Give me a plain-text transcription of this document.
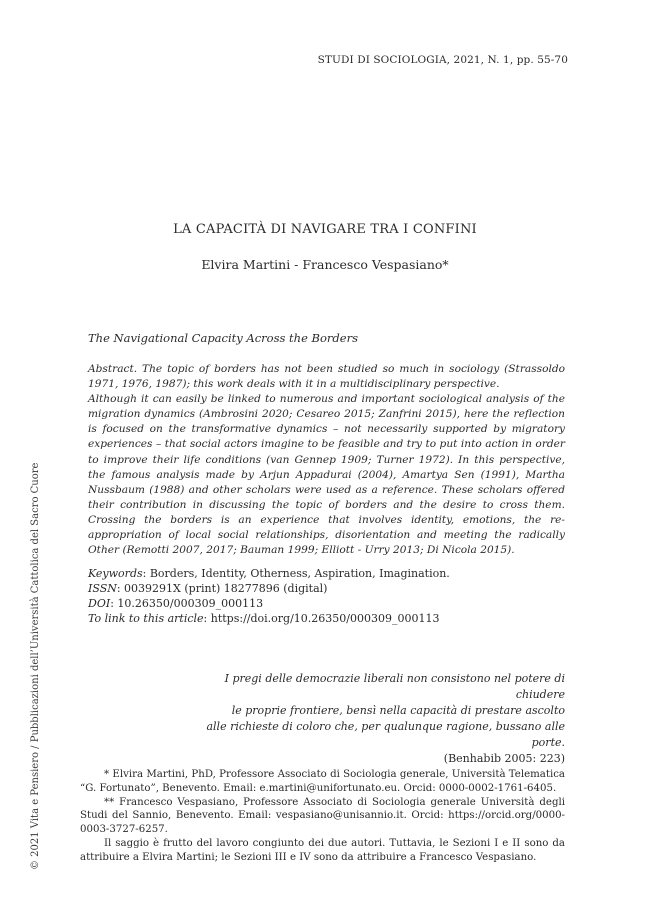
STUDI DI SOCIOLOGIA, 2021, N. 1, pp. 55-70
LA CAPACITÀ DI NAVIGARE TRA I CONFINI
Elvira Martini - Francesco Vespasiano*
The Navigational Capacity Across the Borders

Abstract. The topic of borders has not been studied so much in sociology (Strassoldo 1971, 1976, 1987); this work deals with it in a multidisciplinary perspective.

Although it can easily be linked to numerous and important sociological analysis of the migration dynamics (Ambrosini 2020; Cesareo 2015; Zanfrini 2015), here the reflection is focused on the transformative dynamics – not necessarily supported by migratory experiences – that social actors imagine to be feasible and try to put into action in order to improve their life conditions (van Gennep 1909; Turner 1972). In this perspective, the famous analysis made by Arjun Appadurai (2004), Amartya Sen (1991), Martha Nussbaum (1988) and other scholars were used as a reference. These scholars offered their contribution in discussing the topic of borders and the desire to cross them. Crossing the borders is an experience that involves identity, emotions, the re-appropriation of local social relationships, disorientation and meeting the radically Other (Remotti 2007, 2017; Bauman 1999; Elliott - Urry 2013; Di Nicola 2015).

Keywords: Borders, Identity, Otherness, Aspiration, Imagination.
ISSN: 0039291X (print) 18277896 (digital)
DOI: 10.26350/000309_000113
To link to this article: https://doi.org/10.26350/000309_000113
I pregi delle democrazie liberali non consistono nel potere di chiudere
le proprie frontiere, bensì nella capacità di prestare ascolto
alle richieste di coloro che, per qualunque ragione, bussano alle porte.
(Benhabib 2005: 223)

* Elvira Martini, PhD, Professore Associato di Sociologia generale, Università Telematica “G. Fortunato”, Benevento. Email: e.martini@unifortunato.eu. Orcid: 0000-0002-1761-6405.

** Francesco Vespasiano, Professore Associato di Sociologia generale Università degli Studi del Sannio, Benevento. Email: vespasiano@unisannio.it. Orcid: https://orcid.org/0000-0003-3727-6257.

Il saggio è frutto del lavoro congiunto dei due autori. Tuttavia, le Sezioni I e II sono da attribuire a Elvira Martini; le Sezioni III e IV sono da attribuire a Francesco Vespasiano.

© 2021 Vita e Pensiero / Pubblicazioni dell’Università Cattolica del Sacro Cuore
